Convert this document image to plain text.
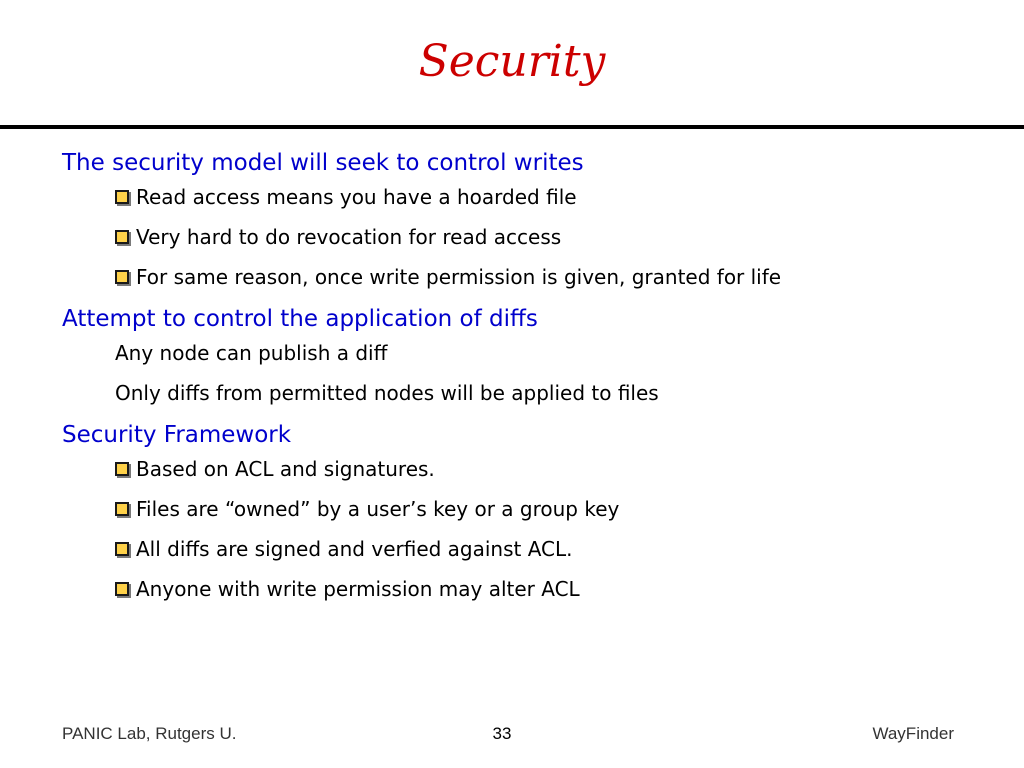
Security
The security model will seek to control writes
Read access means you have a hoarded file
Very hard to do revocation for read access
For same reason, once write permission is given, granted for life
Attempt to control the application of diffs
Any node can publish a diff
Only diffs from permitted nodes will be applied to files
Security Framework
Based on ACL and signatures.
Files are “owned” by a user’s key or a group key
All diffs are signed and verfied against ACL.
Anyone with write permission may alter ACL
PANIC Lab, Rutgers U.	33	WayFinder
